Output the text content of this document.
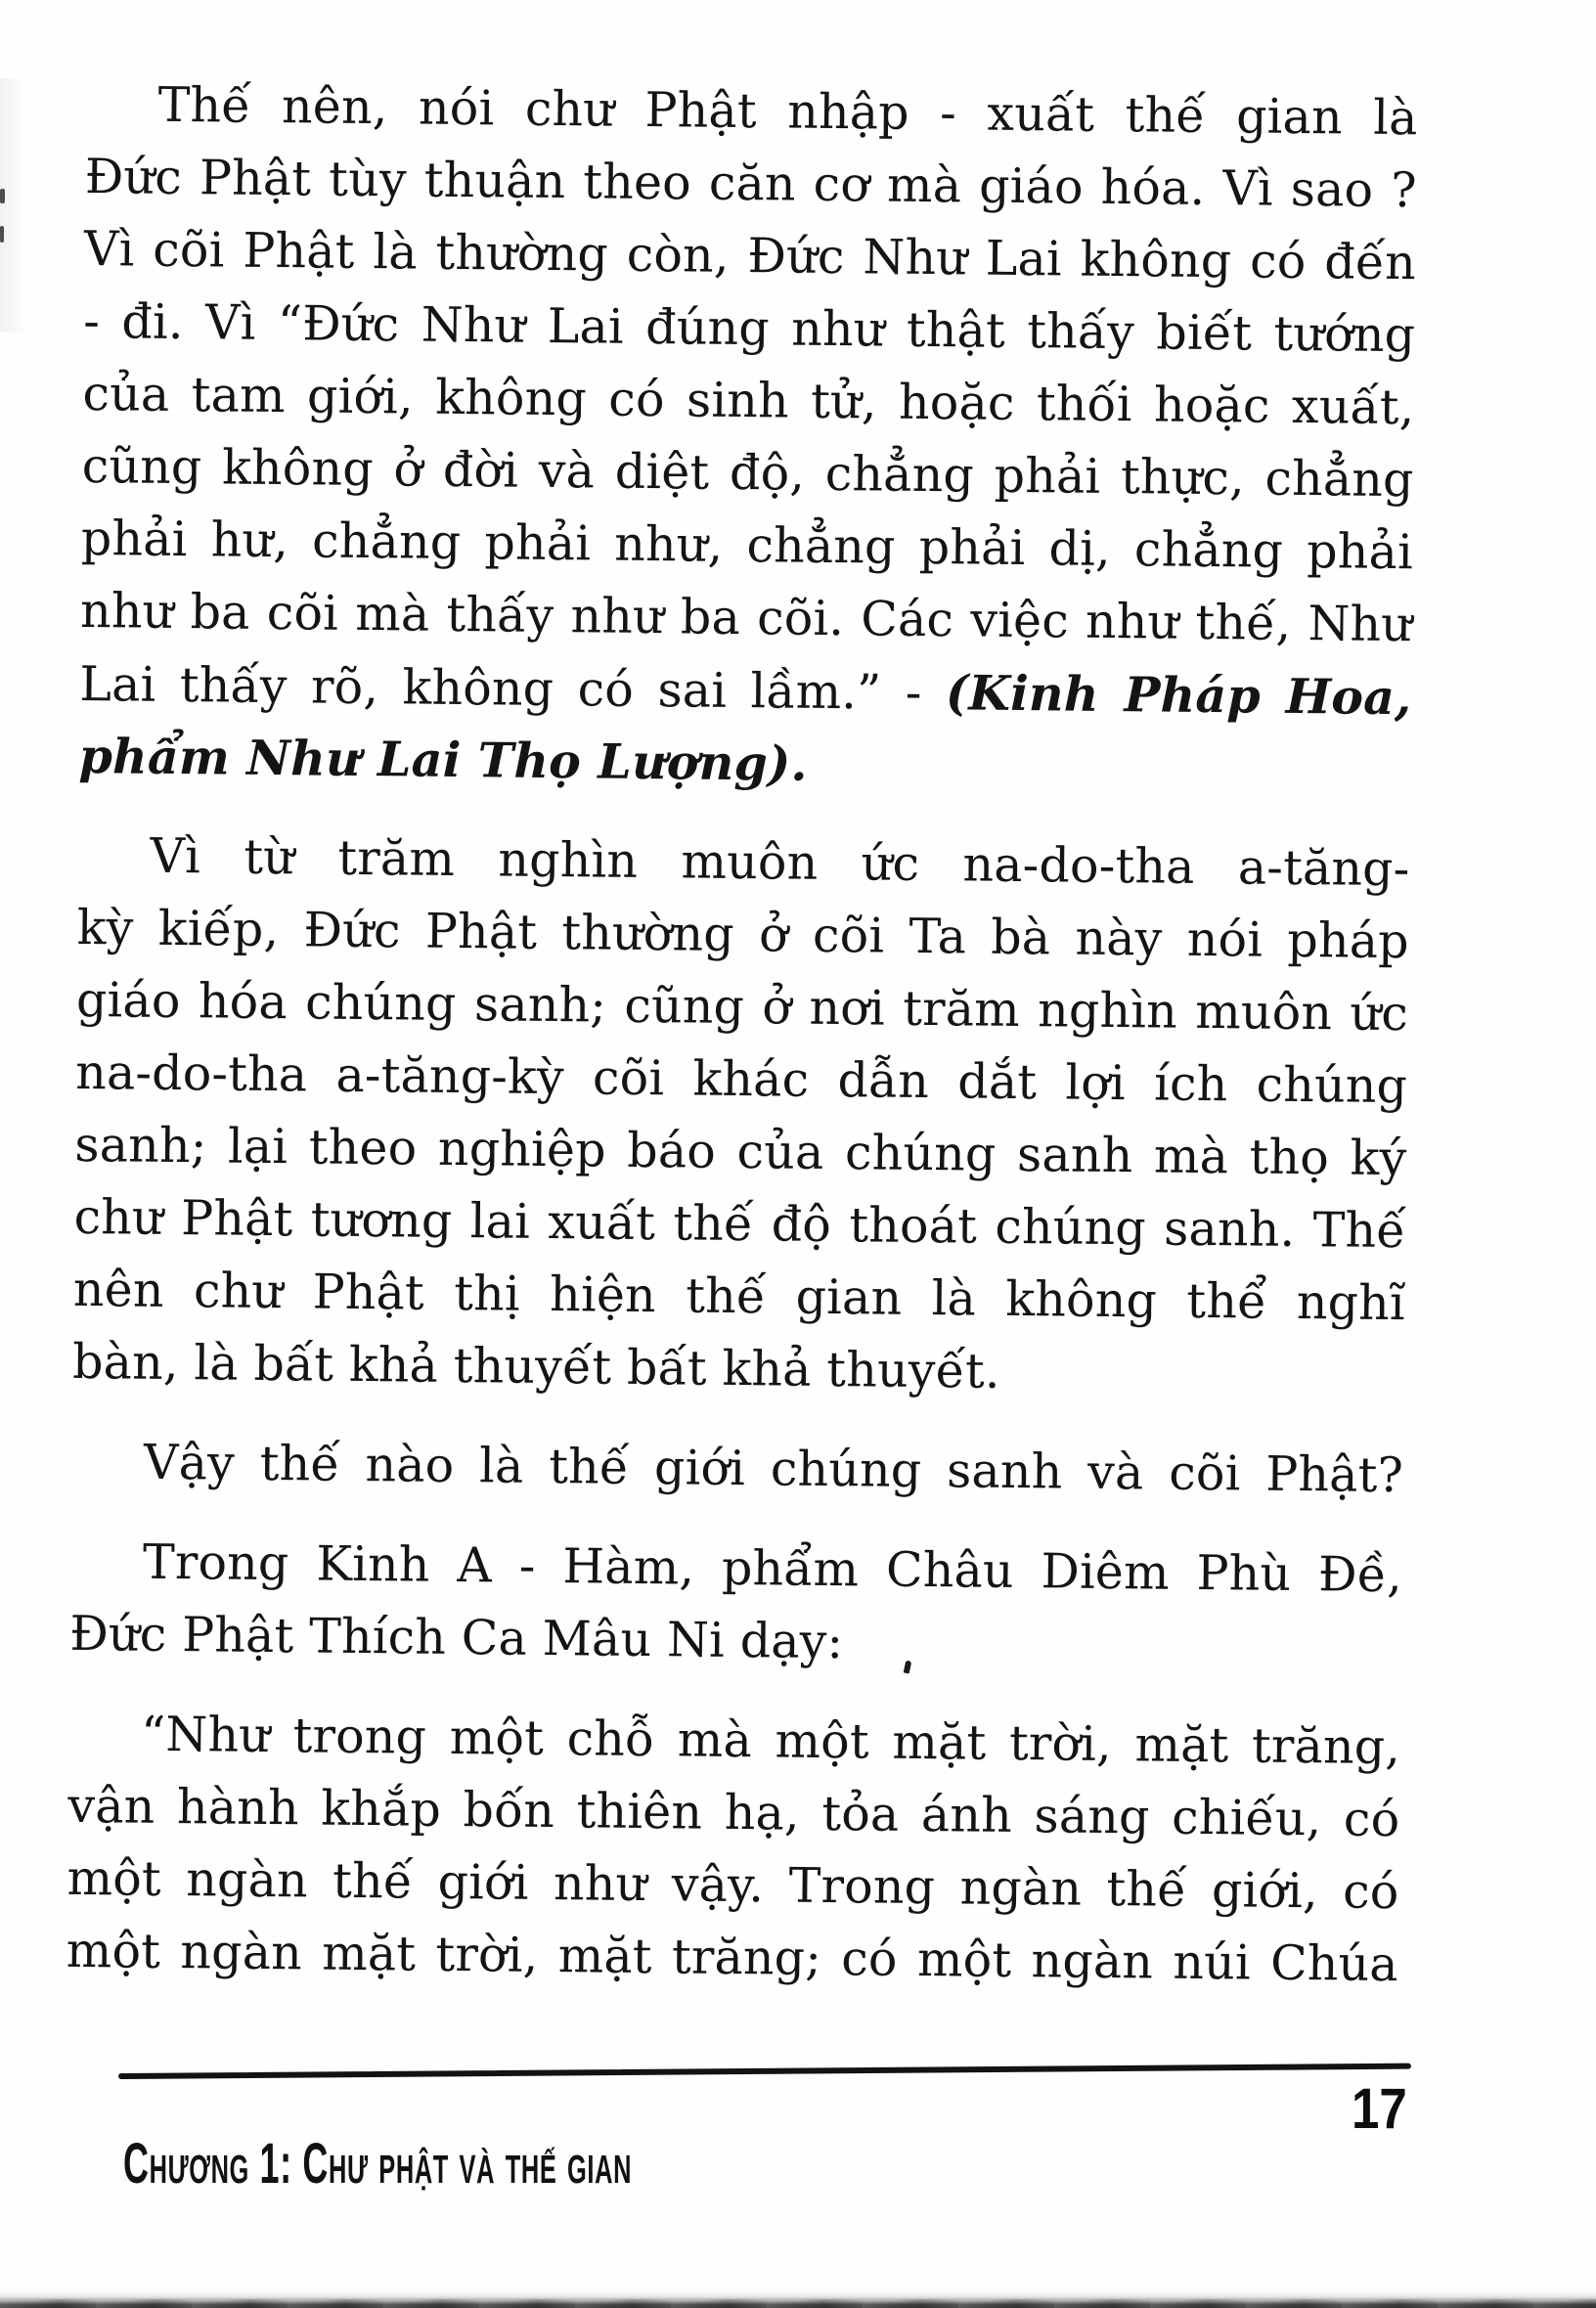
Thế nên, nói chư Phật nhập - xuất thế gian là
Đức Phật tùy thuận theo căn cơ mà giáo hóa. Vì sao ?
Vì cõi Phật là thường còn, Đức Như Lai không có đến
- đi. Vì “Đức Như Lai đúng như thật thấy biết tướng
của tam giới, không có sinh tử, hoặc thối hoặc xuất,
cũng không ở đời và diệt độ, chẳng phải thực, chẳng
phải hư, chẳng phải như, chẳng phải dị, chẳng phải
như ba cõi mà thấy như ba cõi. Các việc như thế, Như
Lai thấy rõ, không có sai lầm.” - (Kinh Pháp Hoa,
phẩm Như Lai Thọ Lượng).
Vì từ trăm nghìn muôn ức na-do-tha a-tăng-
kỳ kiếp, Đức Phật thường ở cõi Ta bà này nói pháp
giáo hóa chúng sanh; cũng ở nơi trăm nghìn muôn ức
na-do-tha a-tăng-kỳ cõi khác dẫn dắt lợi ích chúng
sanh; lại theo nghiệp báo của chúng sanh mà thọ ký
chư Phật tương lai xuất thế độ thoát chúng sanh. Thế
nên chư Phật thị hiện thế gian là không thể nghĩ
bàn, là bất khả thuyết bất khả thuyết.
Vậy thế nào là thế giới chúng sanh và cõi Phật?
Trong Kinh A - Hàm, phẩm Châu Diêm Phù Đề,
Đức Phật Thích Ca Mâu Ni dạy:
“Như trong một chỗ mà một mặt trời, mặt trăng,
vận hành khắp bốn thiên hạ, tỏa ánh sáng chiếu, có
một ngàn thế giới như vậy. Trong ngàn thế giới, có
một ngàn mặt trời, mặt trăng; có một ngàn núi Chúa
Chương 1: Chư phật và thế gian
17
